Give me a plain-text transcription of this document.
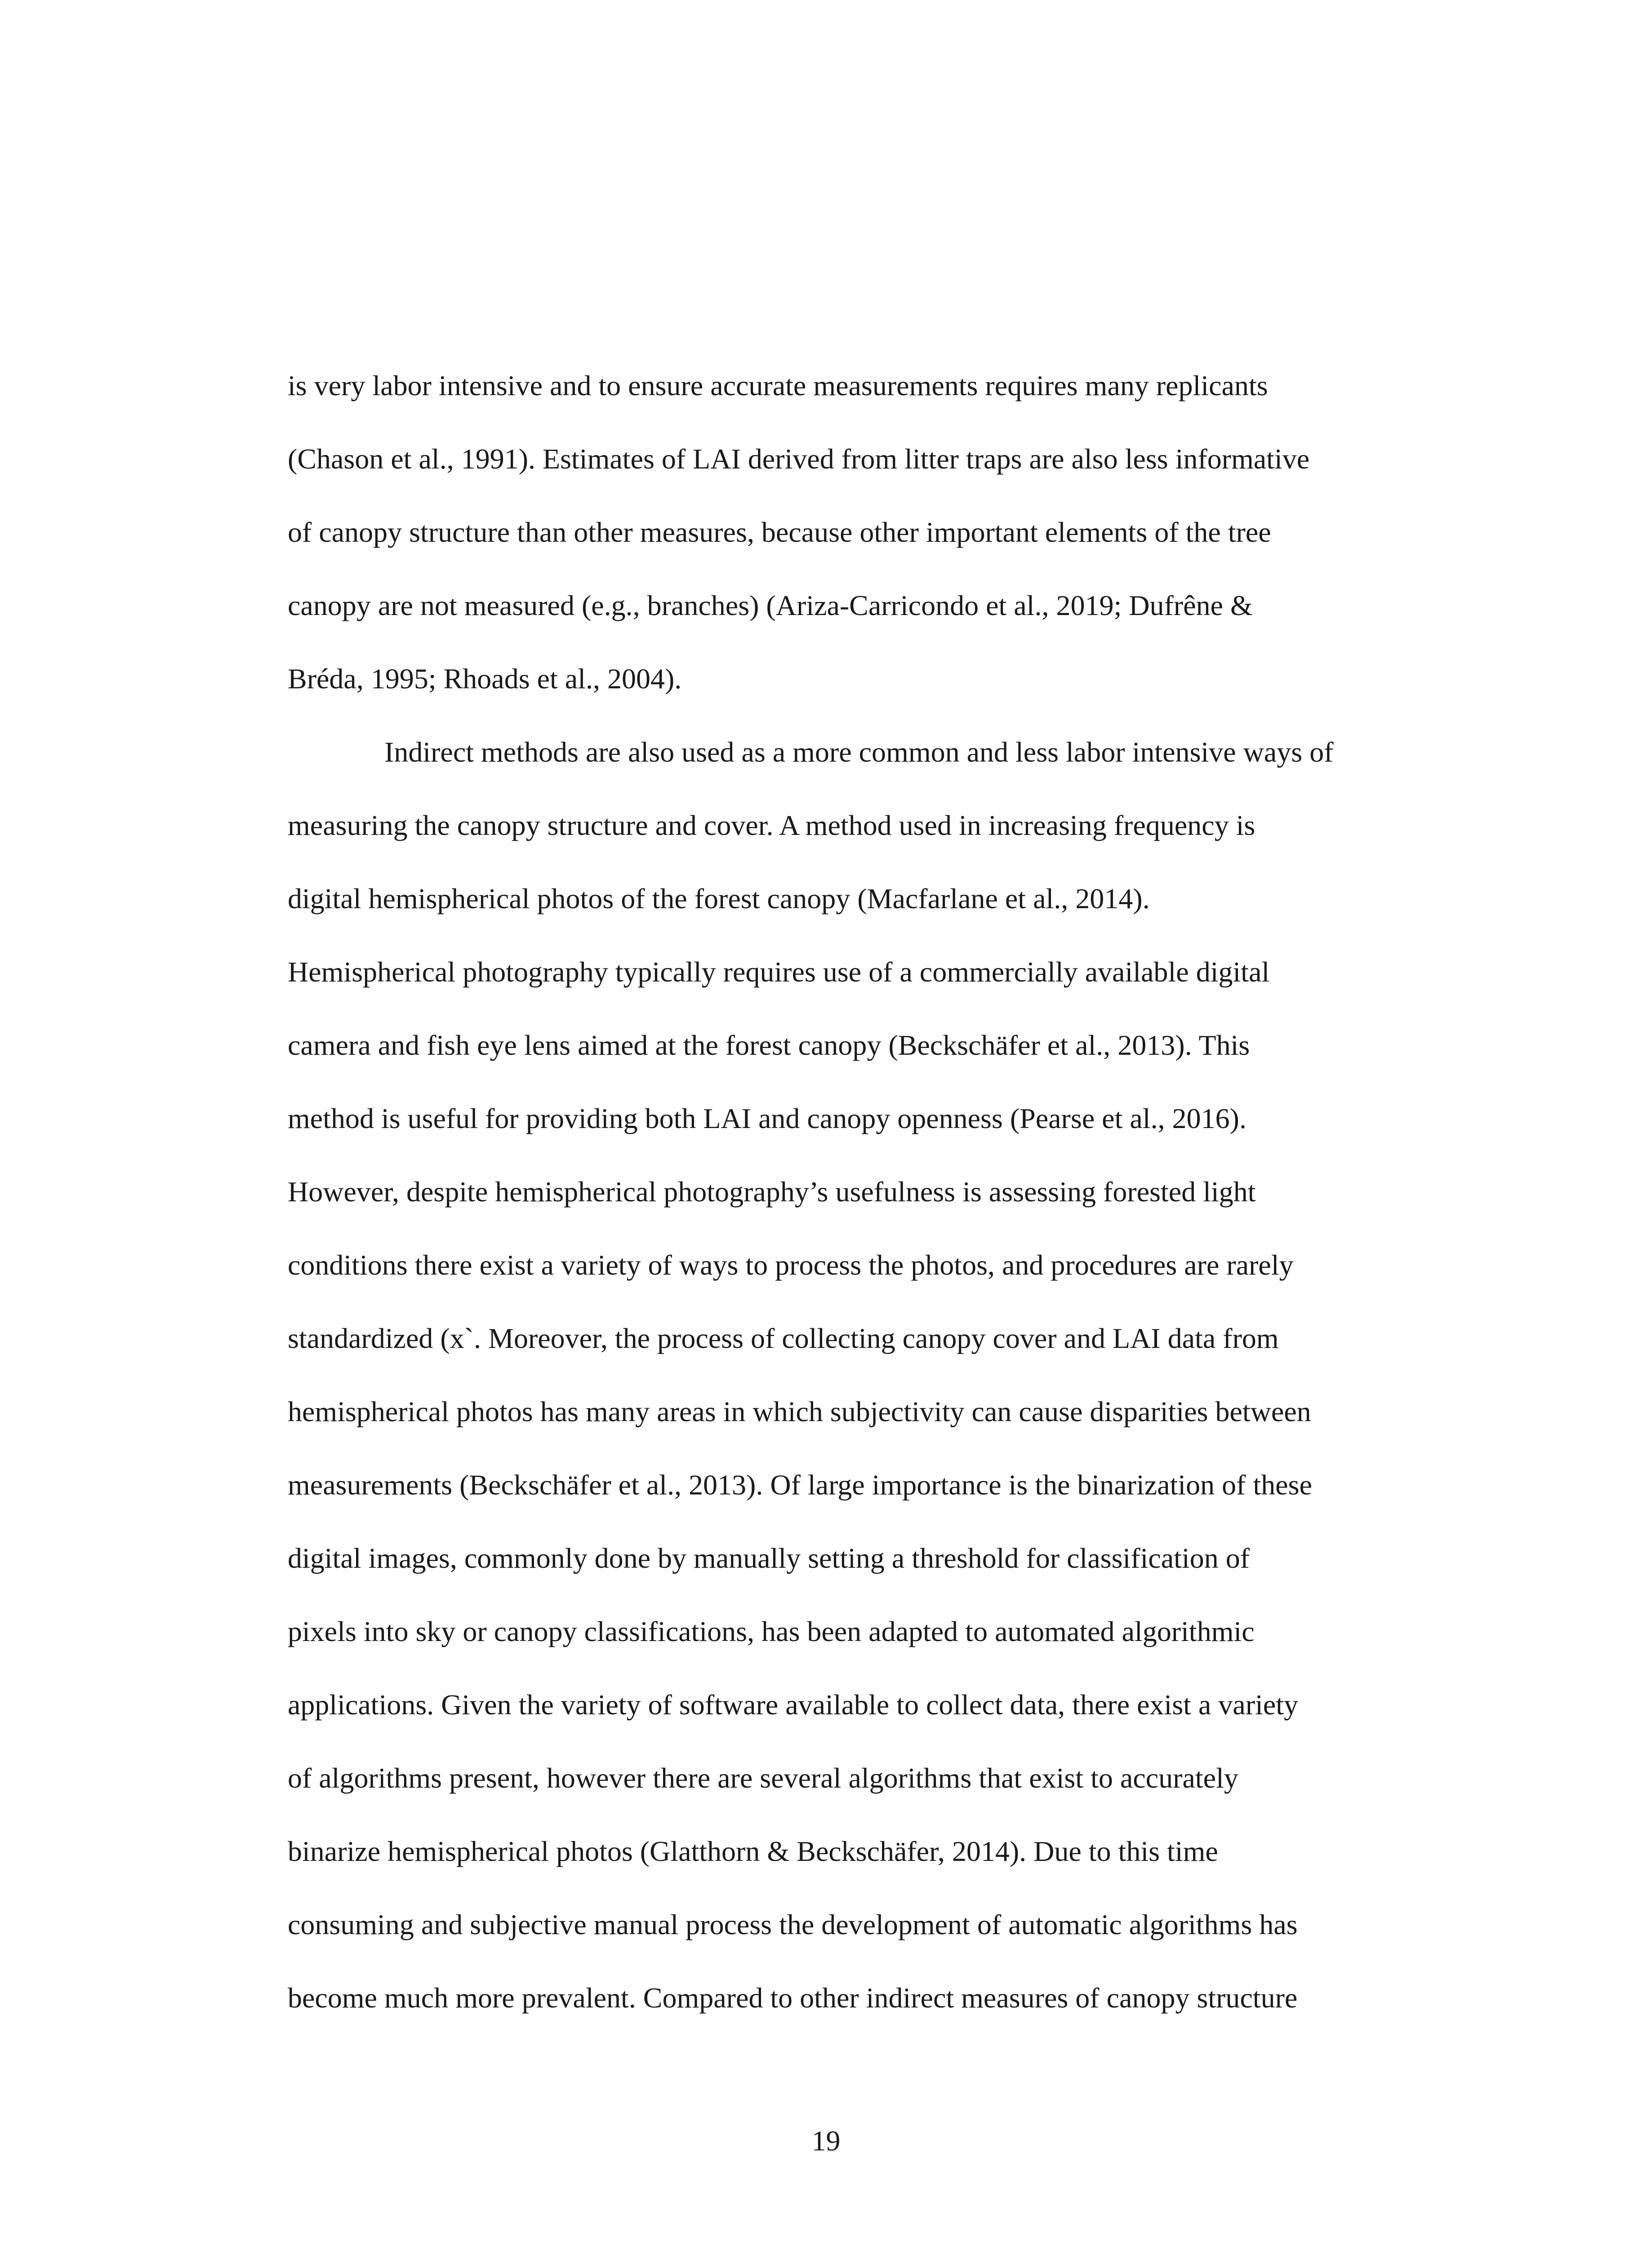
is very labor intensive and to ensure accurate measurements requires many replicants
(Chason et al., 1991). Estimates of LAI derived from litter traps are also less informative
of canopy structure than other measures, because other important elements of the tree
canopy are not measured (e.g., branches) (Ariza-Carricondo et al., 2019; Dufrêne &
Bréda, 1995; Rhoads et al., 2004).
Indirect methods are also used as a more common and less labor intensive ways of
measuring the canopy structure and cover. A method used in increasing frequency is
digital hemispherical photos of the forest canopy (Macfarlane et al., 2014).
Hemispherical photography typically requires use of a commercially available digital
camera and fish eye lens aimed at the forest canopy (Beckschäfer et al., 2013). This
method is useful for providing both LAI and canopy openness (Pearse et al., 2016).
However, despite hemispherical photography’s usefulness is assessing forested light
conditions there exist a variety of ways to process the photos, and procedures are rarely
standardized (x`. Moreover, the process of collecting canopy cover and LAI data from
hemispherical photos has many areas in which subjectivity can cause disparities between
measurements (Beckschäfer et al., 2013). Of large importance is the binarization of these
digital images, commonly done by manually setting a threshold for classification of
pixels into sky or canopy classifications, has been adapted to automated algorithmic
applications. Given the variety of software available to collect data, there exist a variety
of algorithms present, however there are several algorithms that exist to accurately
binarize hemispherical photos (Glatthorn & Beckschäfer, 2014). Due to this time
consuming and subjective manual process the development of automatic algorithms has
become much more prevalent. Compared to other indirect measures of canopy structure
19
